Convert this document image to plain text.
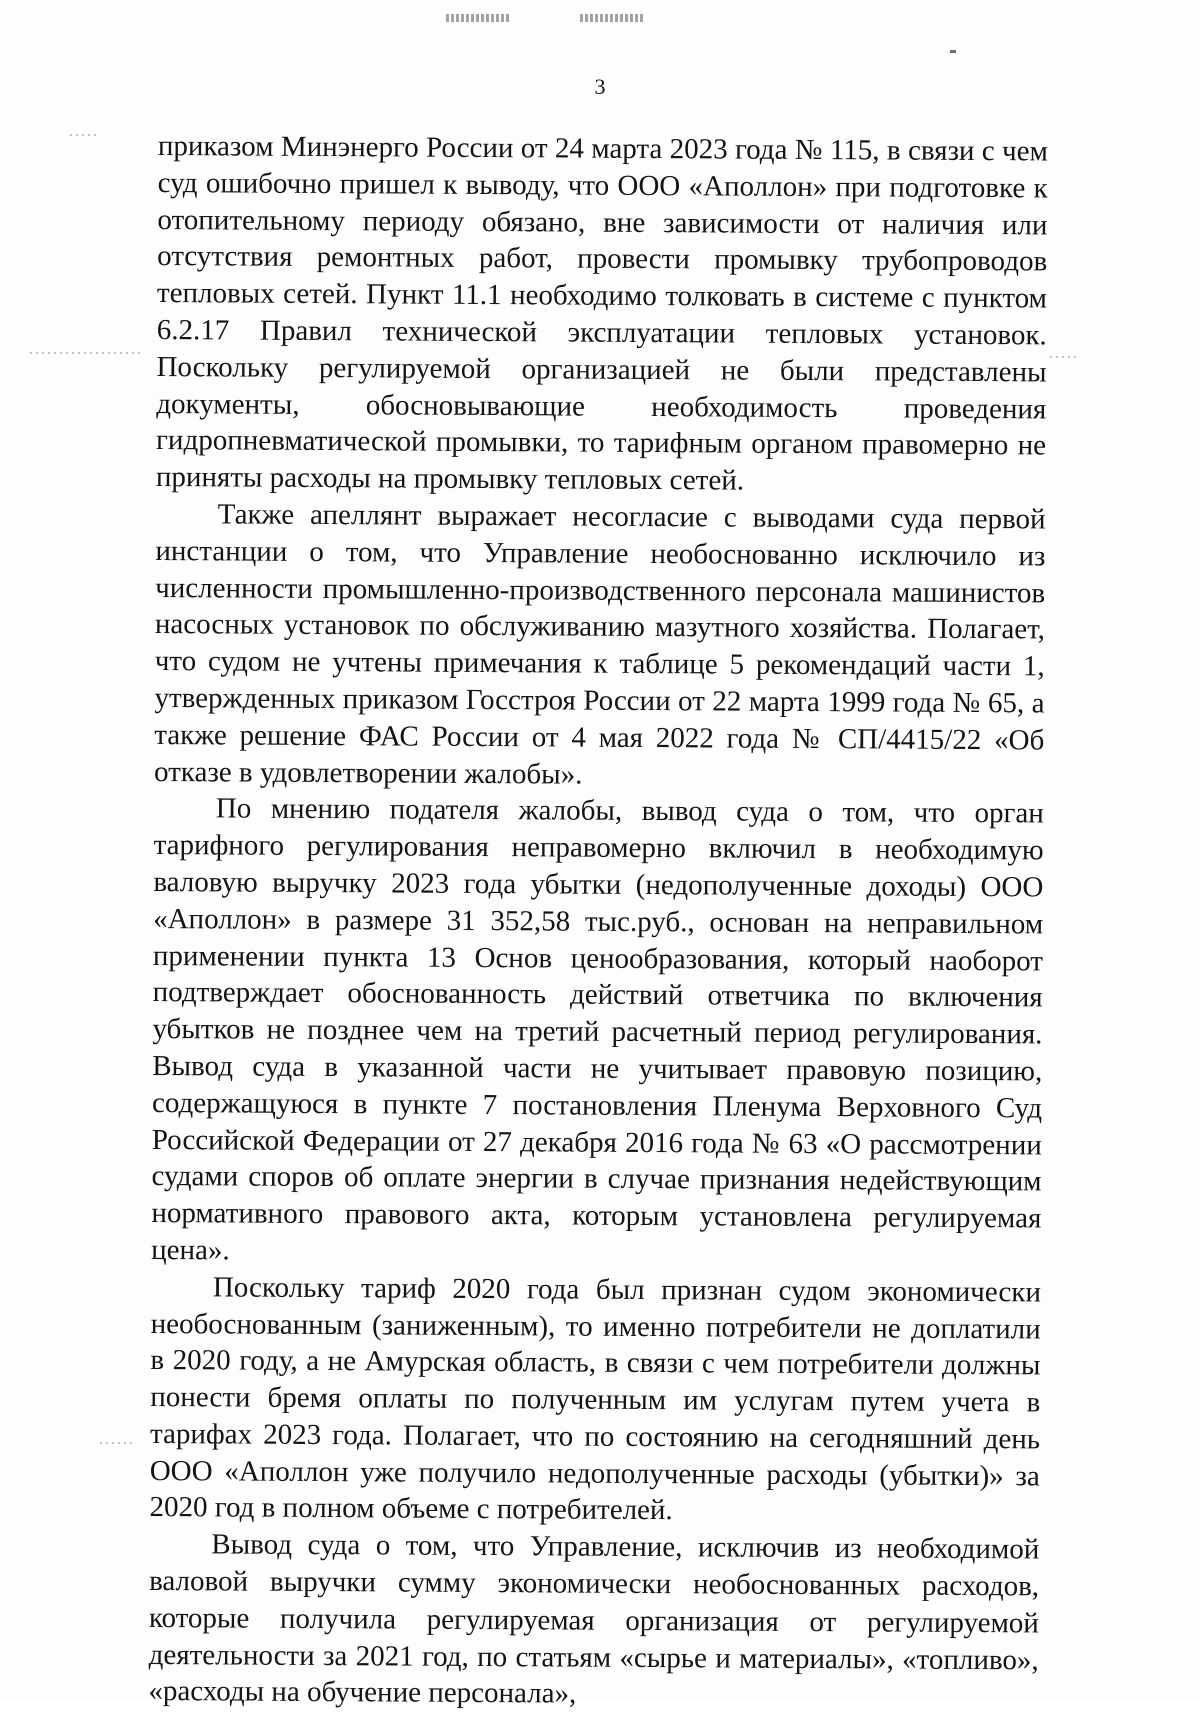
3

приказом Минэнерго России от 24 марта 2023 года № 115, в связи с чем суд ошибочно пришел к выводу, что ООО «Аполлон» при подготовке к отопительному периоду обязано, вне зависимости от наличия или отсутствия ремонтных работ, провести промывку трубопроводов тепловых сетей. Пункт 11.1 необходимо толковать в системе с пунктом 6.2.17 Правил технической эксплуатации тепловых установок. Поскольку регулируемой организацией не были представлены документы, обосновывающие необходимость проведения гидропневматической промывки, то тарифным органом правомерно не приняты расходы на промывку тепловых сетей.

Также апеллянт выражает несогласие с выводами суда первой инстанции о том, что Управление необоснованно исключило из численности промышленно-производственного персонала машинистов насосных установок по обслуживанию мазутного хозяйства. Полагает, что судом не учтены примечания к таблице 5 рекомендаций части 1, утвержденных приказом Госстроя России от 22 марта 1999 года № 65, а также решение ФАС России от 4 мая 2022 года № СП/4415/22 «Об отказе в удовлетворении жалобы».

По мнению подателя жалобы, вывод суда о том, что орган тарифного регулирования неправомерно включил в необходимую валовую выручку 2023 года убытки (недополученные доходы) ООО «Аполлон» в размере 31 352,58 тыс.руб., основан на неправильном применении пункта 13 Основ ценообразования, который наоборот подтверждает обоснованность действий ответчика по включения убытков не позднее чем на третий расчетный период регулирования. Вывод суда в указанной части не учитывает правовую позицию, содержащуюся в пункте 7 постановления Пленума Верховного Суд Российской Федерации от 27 декабря 2016 года № 63 «О рассмотрении судами споров об оплате энергии в случае признания недействующим нормативного правового акта, которым установлена регулируемая цена».

Поскольку тариф 2020 года был признан судом экономически необоснованным (заниженным), то именно потребители не доплатили в 2020 году, а не Амурская область, в связи с чем потребители должны понести бремя оплаты по полученным им услугам путем учета в тарифах 2023 года. Полагает, что по состоянию на сегодняшний день ООО «Аполлон уже получило недополученные расходы (убытки)» за 2020 год в полном объеме с потребителей.

Вывод суда о том, что Управление, исключив из необходимой валовой выручки сумму экономически необоснованных расходов, которые получила регулируемая организация от регулируемой деятельности за 2021 год, по статьям «сырье и материалы», «топливо», «расходы на обучение персонала»,
